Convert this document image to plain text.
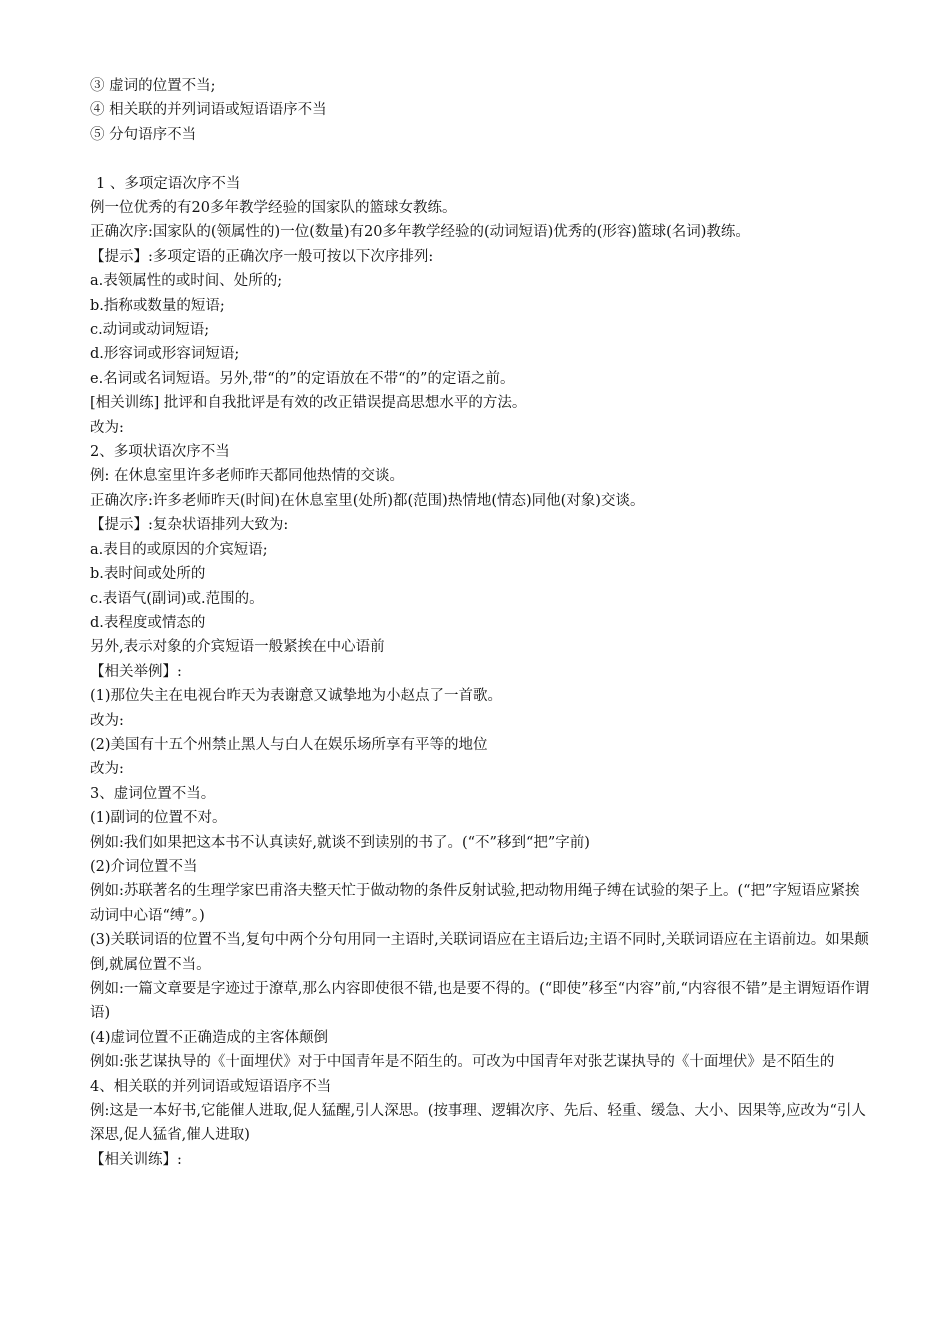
③ 虚词的位置不当;
④ 相关联的并列词语或短语语序不当
⑤ 分句语序不当
1 、多项定语次序不当
例一位优秀的有20多年教学经验的国家队的篮球女教练。
正确次序:国家队的(领属性的)一位(数量)有20多年教学经验的(动词短语)优秀的(形容)篮球(名词)教练。
【提示】:多项定语的正确次序一般可按以下次序排列:
a.表领属性的或时间、处所的;
b.指称或数量的短语;
c.动词或动词短语;
d.形容词或形容词短语;
e.名词或名词短语。另外,带“的”的定语放在不带“的”的定语之前。
[相关训练] 批评和自我批评是有效的改正错误提高思想水平的方法。
改为:
2、多项状语次序不当
例: 在休息室里许多老师昨天都同他热情的交谈。
正确次序:许多老师昨天(时间)在休息室里(处所)都(范围)热情地(情态)同他(对象)交谈。
【提示】:复杂状语排列大致为:
a.表目的或原因的介宾短语;
b.表时间或处所的
c.表语气(副词)或.范围的。
d.表程度或情态的
另外,表示对象的介宾短语一般紧挨在中心语前
【相关举例】:
(1)那位失主在电视台昨天为表谢意又诚挚地为小赵点了一首歌。
改为:
(2)美国有十五个州禁止黑人与白人在娱乐场所享有平等的地位
改为:
3、虚词位置不当。
(1)副词的位置不对。
例如:我们如果把这本书不认真读好,就谈不到读别的书了。(“不”移到“把”字前)
(2)介词位置不当
例如:苏联著名的生理学家巴甫洛夫整天忙于做动物的条件反射试验,把动物用绳子缚在试验的架子上。(“把”字短语应紧挨动词中心语“缚”。)
(3)关联词语的位置不当,复句中两个分句用同一主语时,关联词语应在主语后边;主语不同时,关联词语应在主语前边。如果颠倒,就属位置不当。
例如:一篇文章要是字迹过于潦草,那么内容即使很不错,也是要不得的。(“即使”移至“内容”前,“内容很不错”是主谓短语作谓语)
(4)虚词位置不正确造成的主客体颠倒
例如:张艺谋执导的《十面埋伏》对于中国青年是不陌生的。可改为中国青年对张艺谋执导的《十面埋伏》是不陌生的
4、相关联的并列词语或短语语序不当
例:这是一本好书,它能催人进取,促人猛醒,引人深思。(按事理、逻辑次序、先后、轻重、缓急、大小、因果等,应改为“引人深思,促人猛省,催人进取)
【相关训练】:
